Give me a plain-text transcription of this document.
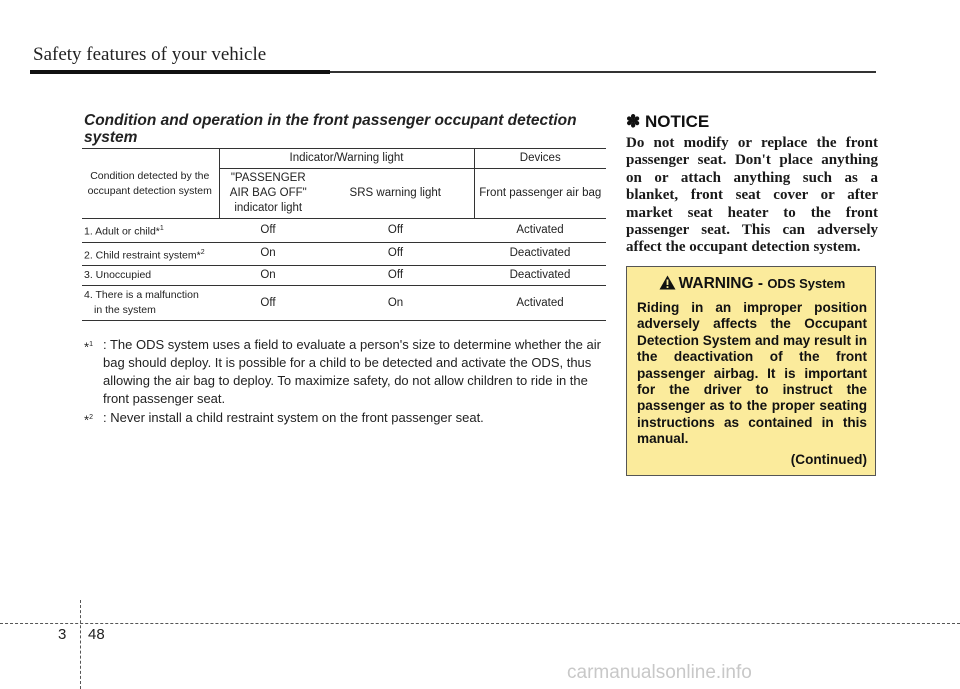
Safety features of your vehicle
Condition and operation in the front passenger occupant detection system
Condition detected by the occupant detection system	Indicator/Warning light		Devices
	"PASSENGER AIR BAG OFF" indicator light	SRS warning light	Front passenger air bag
1. Adult or child*$^1$	Off	Off	Activated
2. Child restraint system*$^2$	On	Off	Deactivated
3. Unoccupied	On	Off	Deactivated
4. There is a malfunction
in the system	Off	On	Activated
*$^1$ : The ODS system uses a field to evaluate a person's size to determine whether the air bag should deploy. It is possible for a child to be detected and activate the ODS, thus allowing the air bag to deploy. To maximize safety, do not allow children to ride in the front passenger seat.
*$^2$ : Never install a child restraint system on the front passenger seat.
✽ NOTICE
Do not modify or replace the front passenger seat. Don't place anything on or attach anything such as a blanket, front seat cover or after market seat heater to the front passenger seat. This can adversely affect the occupant detection system.
WARNING - ODS System
Riding in an improper position adversely affects the Occupant Detection System and may result in the deactivation of the front passenger airbag. It is important for the driver to instruct the passenger as to the proper seating instructions as contained in this manual.
(Continued)
3 48
carmanualsonline.info
